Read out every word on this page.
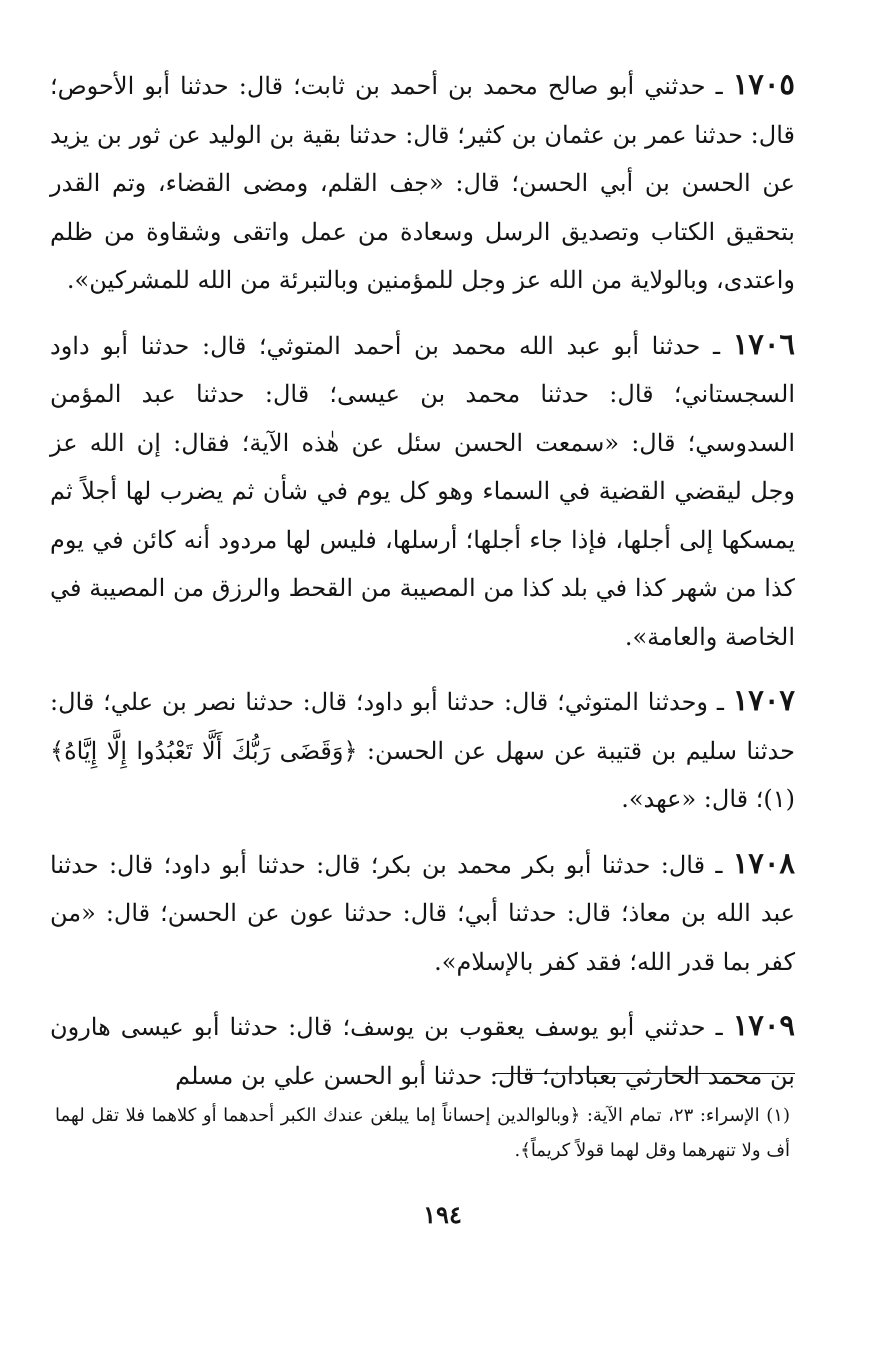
١٧٠٥ ـ حدثني أبو صالح محمد بن أحمد بن ثابت؛ قال: حدثنا أبو الأحوص؛ قال: حدثنا عمر بن عثمان بن كثير؛ قال: حدثنا بقية بن الوليد عن ثور بن يزيد عن الحسن بن أبي الحسن؛ قال: «جف القلم، ومضى القضاء، وتم القدر بتحقيق الكتاب وتصديق الرسل وسعادة من عمل واتقى وشقاوة من ظلم واعتدى، وبالولاية من الله عز وجل للمؤمنين وبالتبرئة من الله للمشركين».

١٧٠٦ ـ حدثنا أبو عبد الله محمد بن أحمد المتوثي؛ قال: حدثنا أبو داود السجستاني؛ قال: حدثنا محمد بن عيسى؛ قال: حدثنا عبد المؤمن السدوسي؛ قال: «سمعت الحسن سئل عن هٰذه الآية؛ فقال: إن الله عز وجل ليقضي القضية في السماء وهو كل يوم في شأن ثم يضرب لها أجلاً ثم يمسكها إلى أجلها، فإذا جاء أجلها؛ أرسلها، فليس لها مردود أنه كائن في يوم كذا من شهر كذا في بلد كذا من المصيبة من القحط والرزق من المصيبة في الخاصة والعامة».

١٧٠٧ ـ وحدثنا المتوثي؛ قال: حدثنا أبو داود؛ قال: حدثنا نصر بن علي؛ قال: حدثنا سليم بن قتيبة عن سهل عن الحسن: ﴿وَقَضَى رَبُّكَ أَلَّا تَعْبُدُوا إِلَّا إِيَّاهُ﴾(١)؛ قال: «عهد».

١٧٠٨ ـ قال: حدثنا أبو بكر محمد بن بكر؛ قال: حدثنا أبو داود؛ قال: حدثنا عبد الله بن معاذ؛ قال: حدثنا أبي؛ قال: حدثنا عون عن الحسن؛ قال: «من كفر بما قدر الله؛ فقد كفر بالإسلام».

١٧٠٩ ـ حدثني أبو يوسف يعقوب بن يوسف؛ قال: حدثنا أبو عيسى هارون بن محمد الحارثي بعبادان؛ قال: حدثنا أبو الحسن علي بن مسلم

(١) الإسراء: ٢٣، تمام الآية: ﴿وبالوالدين إحساناً إما يبلغن عندك الكبر أحدهما أو كلاهما فلا تقل لهما أف ولا تنهرهما وقل لهما قولاً كريماً﴾.
١٩٤
